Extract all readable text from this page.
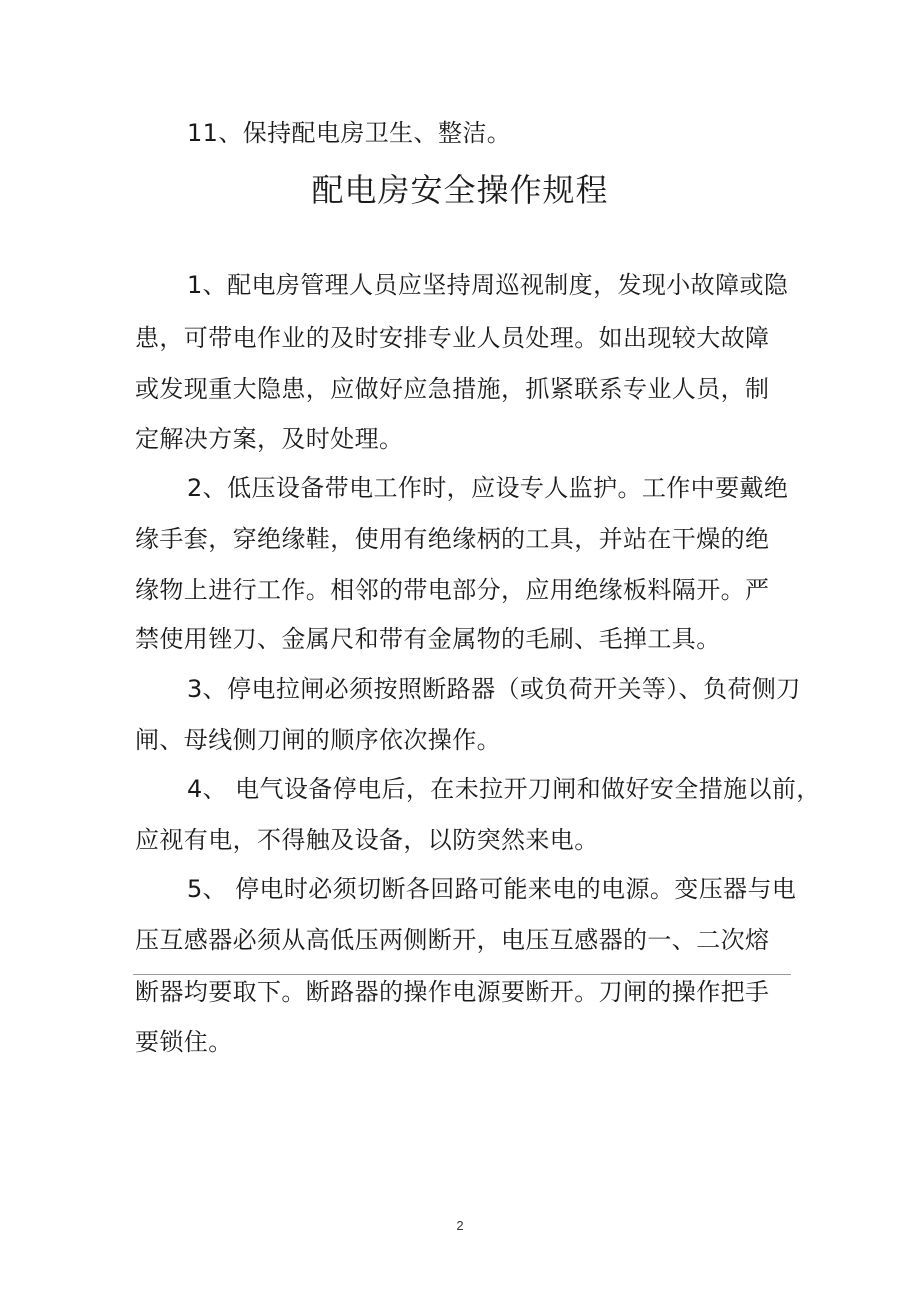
11、保持配电房卫生、整洁。
配电房安全操作规程
1、配电房管理人员应坚持周巡视制度，发现小故障或隐
患，可带电作业的及时安排专业人员处理。如出现较大故障
或发现重大隐患，应做好应急措施，抓紧联系专业人员，制
定解决方案，及时处理。
2、低压设备带电工作时，应设专人监护。工作中要戴绝
缘手套，穿绝缘鞋，使用有绝缘柄的工具，并站在干燥的绝
缘物上进行工作。相邻的带电部分，应用绝缘板料隔开。严
禁使用锉刀、金属尺和带有金属物的毛刷、毛掸工具。
3、停电拉闸必须按照断路器（或负荷开关等）、负荷侧刀
闸、母线侧刀闸的顺序依次操作。
4、 电气设备停电后，在未拉开刀闸和做好安全措施以前，
应视有电，不得触及设备，以防突然来电。
5、 停电时必须切断各回路可能来电的电源。变压器与电
压互感器必须从高低压两侧断开，电压互感器的一、二次熔
断器均要取下。断路器的操作电源要断开。刀闸的操作把手
要锁住。
2
